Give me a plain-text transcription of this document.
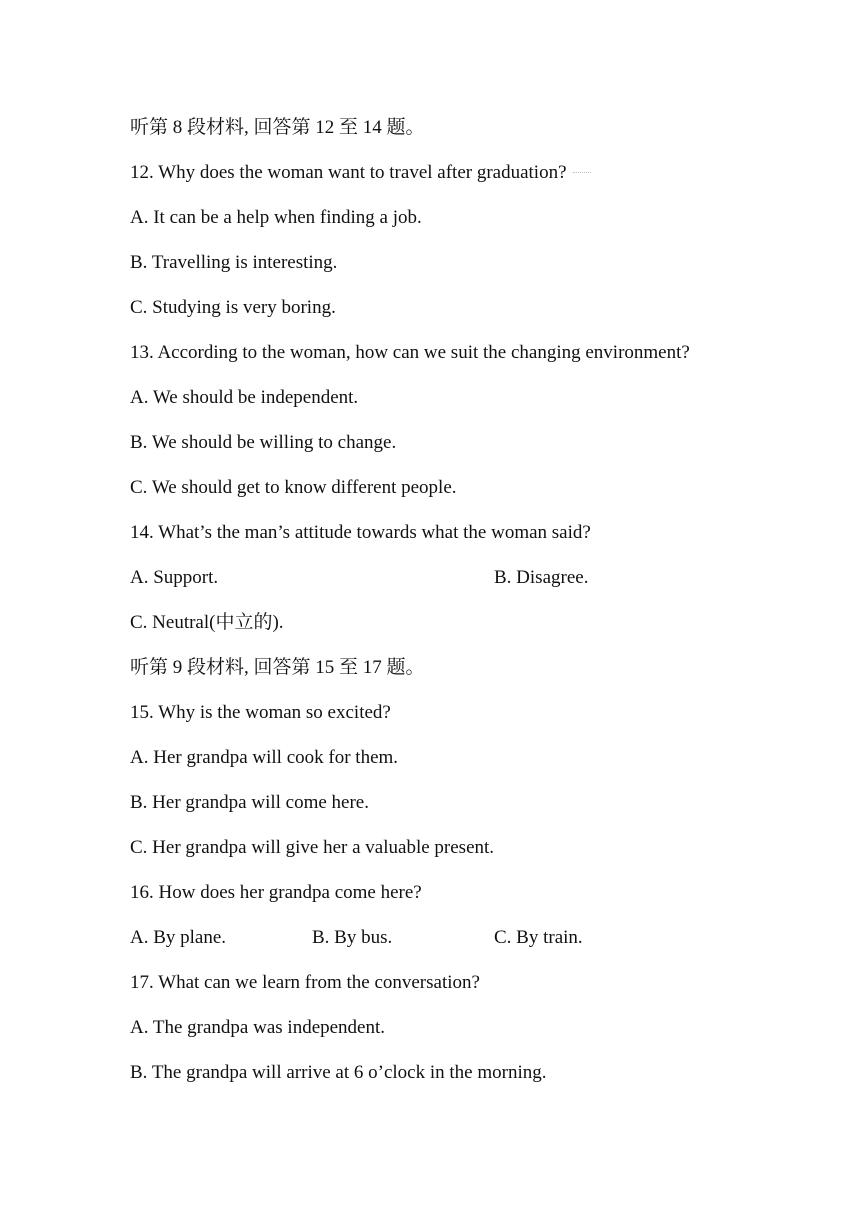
听第 8 段材料, 回答第 12 至 14 题。
12. Why does the woman want to travel after graduation?
A. It can be a help when finding a job.
B. Travelling is interesting.
C. Studying is very boring.
13. According to the woman, how can we suit the changing environment?
A. We should be independent.
B. We should be willing to change.
C. We should get to know different people.
14. What’s the man’s attitude towards what the woman said?
A. Support.	B. Disagree.
C. Neutral(中立的).
听第 9 段材料, 回答第 15 至 17 题。
15. Why is the woman so excited?
A. Her grandpa will cook for them.
B. Her grandpa will come here.
C. Her grandpa will give her a valuable present.
16. How does her grandpa come here?
A. By plane.	B. By bus.	C. By train.
17. What can we learn from the conversation?
A. The grandpa was independent.
B. The grandpa will arrive at 6 o’clock in the morning.
